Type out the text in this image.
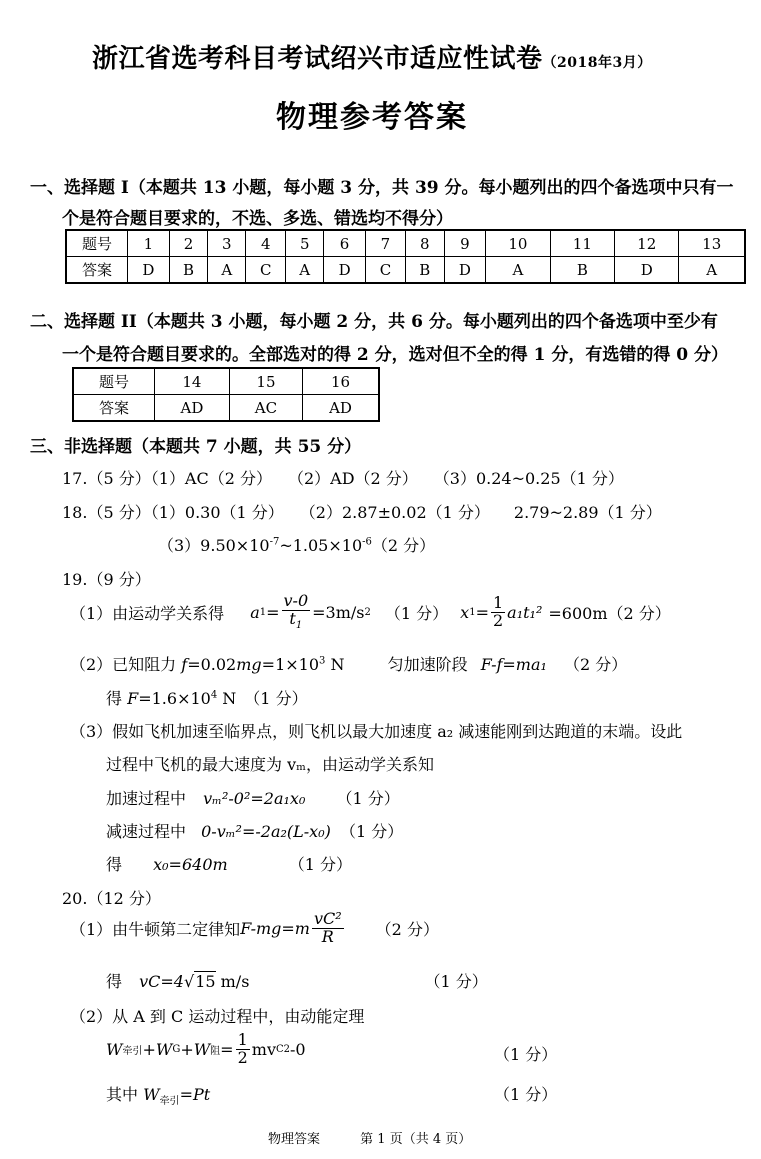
浙江省选考科目考试绍兴市适应性试卷（2018年3月）
物理参考答案
一、选择题 I（本题共 13 小题，每小题 3 分，共 39 分。每小题列出的四个备选项中只有一
个是符合题目要求的，不选、多选、错选均不得分）
题号	1	2	3	4	5	6	7	8	9	10	11	12	13
答案	D	B	A	C	A	D	C	B	D	A	B	D	A
二、选择题 II（本题共 3 小题，每小题 2 分，共 6 分。每小题列出的四个备选项中至少有
一个是符合题目要求的。全部选对的得 2 分，选对但不全的得 1 分，有选错的得 0 分）
题号	14	15	16
答案	AD	AC	AD
三、非选择题（本题共 7 小题，共 55 分）
17.（5 分）（1）AC（2 分）　　（2）AD（2 分）　　（3）0.24~0.25（1 分）
18.（5 分）（1）0.30（1 分）　　（2）2.87±0.02（1 分）　　2.79~2.89（1 分）
$(3)9.50\times 10^{-7}\sim 1.05\times 10^{-6}(2$ 分）
19.（9 分）
（1）由运动学关系得 a $1 = \frac{v-0}{t_1} =3m/s$ 2 （1 分） x $1 = \frac{1}{2} a_1t_1^2 =600m(2$ 分）
（2）已知阻力 $f=0.02mg=1\times 10^3$ N	匀加速阶段 F-f=ma₁ （2 分）
得 $F=1.6\times 10^4$ N　（1 分）
（3）假如飞机加速至临界点，则飞机以最大加速度 a₂ 减速能刚到达跑道的末端。设此
过程中飞机的最大速度为 vₘ，由运动学关系知
加速过程中 vₘ²-0²=2a₁x₀ （1 分）
减速过程中 0-vₘ²=-2a₂(L-x₀) （1 分）
得 x₀=640m	（1 分）
20.（12 分）
（1）由牛顿第二定律知 $F-mg=m \frac{\text{vC²}}{R} (2$ 分）
得 vC=4√15 m/s	（1 分）
（2）从 A 到 C 运动过程中，由动能定理
W 牵引 +W G +W 阻 = $\frac{1}{2}$ mv C 2 -0	（1 分）
其中 $W_{牵引}=Pt$	（1 分）
物理答案	第 1 页（共 4 页）
